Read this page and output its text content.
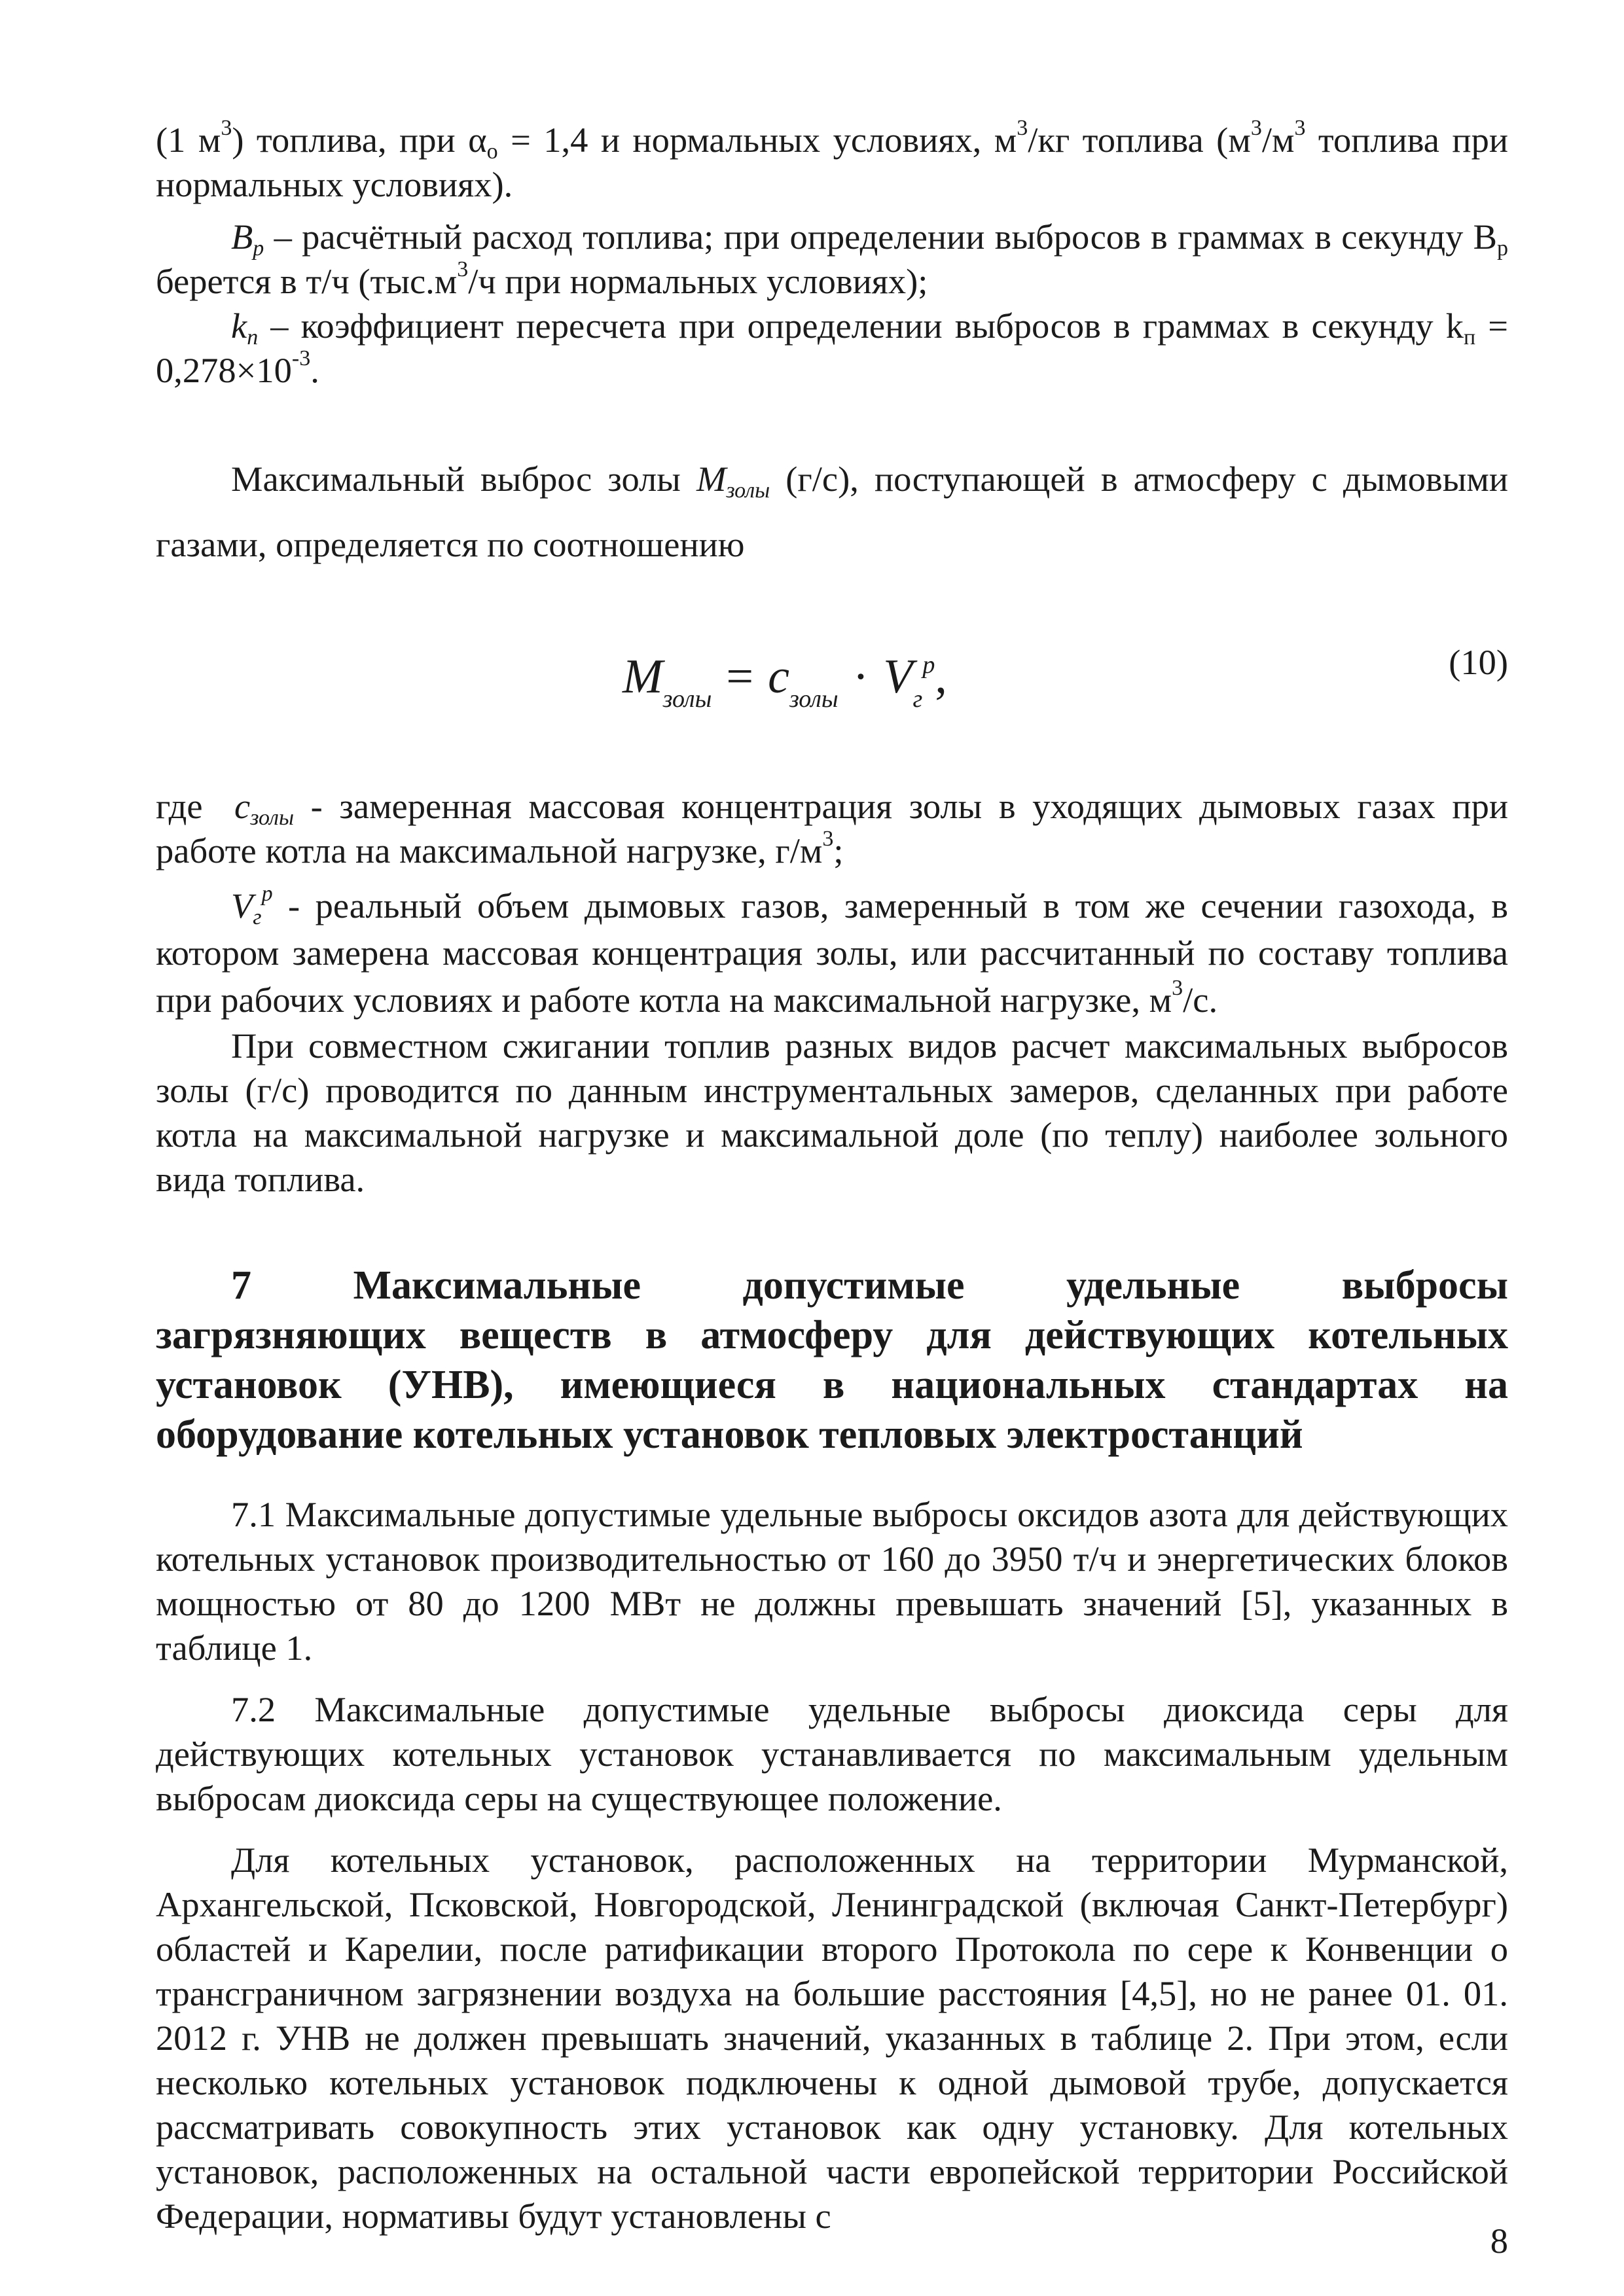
(1 $м^3$) топлива, при $\alpha_о = 1,4$ и нормальных условиях, $м^3/кг$ топлива ($м^3/м^3$ топлива при нормальных условиях).

$B_р$ – расчётный расход топлива; при определении выбросов в граммах в секунду $B_р$ берется в т/ч ($тыс.м^3/ч$ при нормальных условиях);

$k_п$ – коэффициент пересчета при определении выбросов в граммах в секунду $k_п = 0,278\times 10^{-3}$.

Максимальный выброс золы $M_{золы}$ (г/с), поступающей в атмосферу с дымовыми газами, определяется по соотношению

$M_{золы} = c_{золы} \cdot V_г^р$,	(10)

где $c_{золы}$ - замеренная массовая концентрация золы в уходящих дымовых газах при работе котла на максимальной нагрузке, $г/м^3$;

$V_г^р$ - реальный объем дымовых газов, замеренный в том же сечении газохода, в котором замерена массовая концентрация золы, или рассчитанный по составу топлива при рабочих условиях и работе котла на максимальной нагрузке, $м^3/с$.

При совместном сжигании топлив разных видов расчет максимальных выбросов золы (г/с) проводится по данным инструментальных замеров, сделанных при работе котла на максимальной нагрузке и максимальной доле (по теплу) наиболее зольного вида топлива.

7 Максимальные допустимые удельные выбросы
загрязняющих веществ в атмосферу для действующих котельных установок (УНВ), имеющиеся в национальных стандартах на оборудование котельных установок тепловых электростанций

7.1 Максимальные допустимые удельные выбросы оксидов азота для действующих котельных установок производительностью от 160 до 3950 т/ч и энергетических блоков мощностью от 80 до 1200 МВт не должны превышать значений [5], указанных в таблице 1.

7.2 Максимальные допустимые удельные выбросы диоксида серы для действующих котельных установок устанавливается по максимальным удельным выбросам диоксида серы на существующее положение.

Для котельных установок, расположенных на территории Мурманской, Архангельской, Псковской, Новгородской, Ленинградской (включая Санкт-Петербург) областей и Карелии, после ратификации второго Протокола по сере к Конвенции о трансграничном загрязнении воздуха на большие расстояния [4,5], но не ранее 01. 01. 2012 г. УНВ не должен превышать значений, указанных в таблице 2. При этом, если несколько котельных установок подключены к одной дымовой трубе, допускается рассматривать совокупность этих установок как одну установку. Для котельных установок, расположенных на остальной части европейской территории Российской Федерации, нормативы будут установлены с

8
